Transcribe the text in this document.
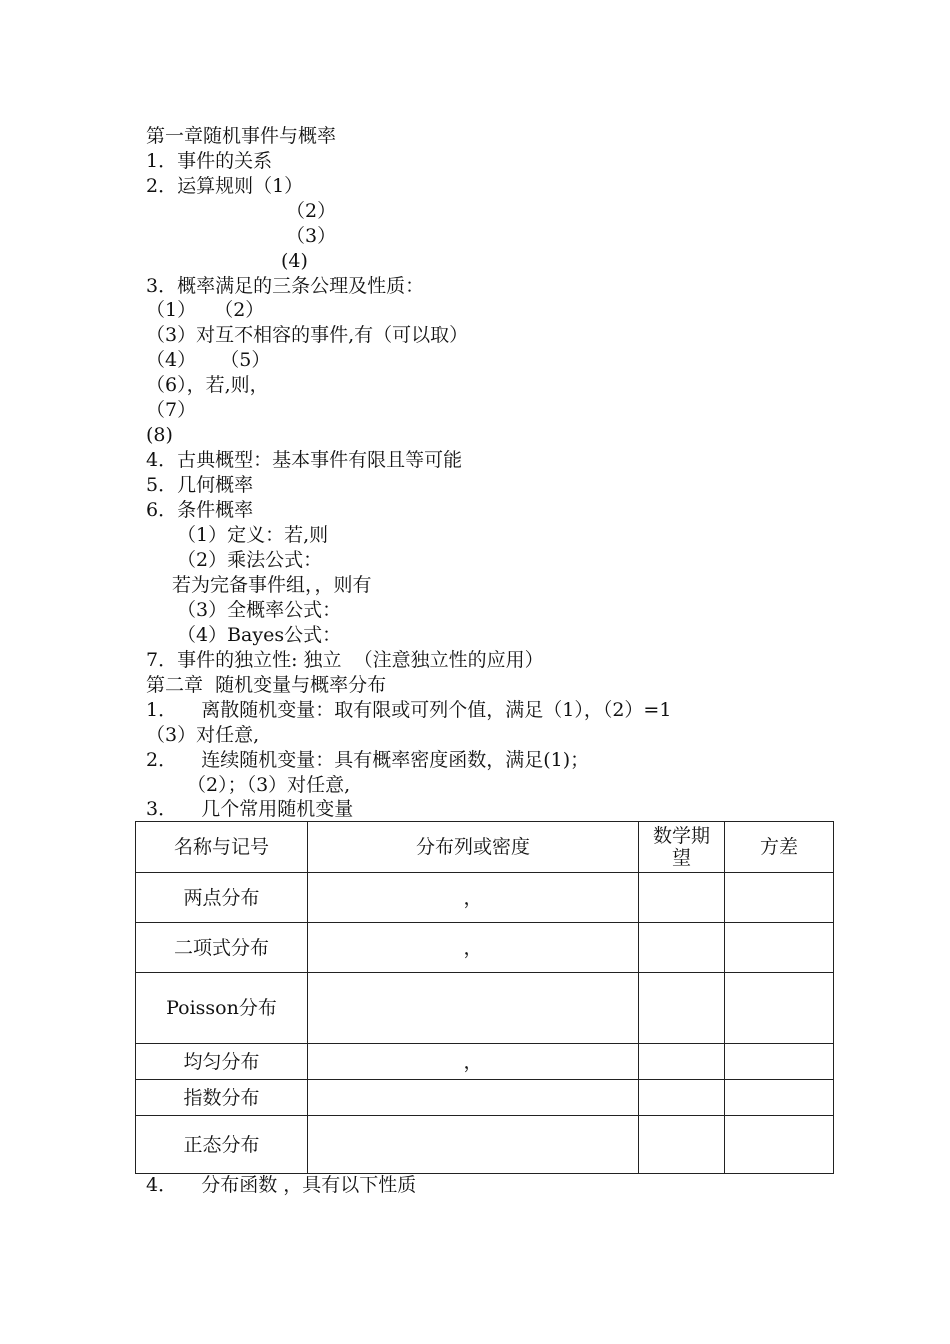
第一章随机事件与概率
1．事件的关系
2．运算规则（1）
（2）
（3）
(4)
3．概率满足的三条公理及性质：
（1）   （2）
（3）对互不相容的事件,有（可以取）
（4）    （5）
（6），若,则，
（7）
(8)
4．古典概型：基本事件有限且等可能
5．几何概率
6．条件概率
（1）定义：若,则
（2）乘法公式：
若为完备事件组，，则有
（3）全概率公式：
（4）Bayes公式：
7．事件的独立性: 独立  （注意独立性的应用）
第二章  随机变量与概率分布
1．    离散随机变量：取有限或可列个值，满足（1），（2）=1
（3）对任意,
2．    连续随机变量：具有概率密度函数，满足(1)；
（2）；（3）对任意,
3．    几个常用随机变量
名称与记号	分布列或密度	数学期望	方差
两点分布	，		
二项式分布	，		
Poisson分布			
均匀分布	，		
指数分布			
正态分布			
4．    分布函数 ，具有以下性质
